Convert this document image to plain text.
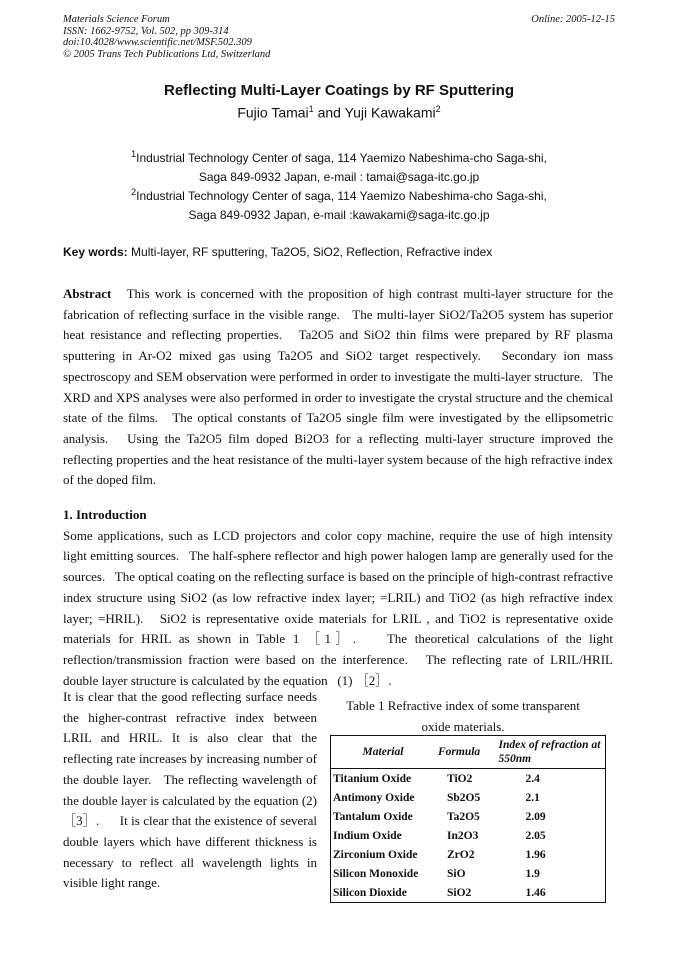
Materials Science Forum
ISSN: 1662-9752, Vol. 502, pp 309-314
doi:10.4028/www.scientific.net/MSF.502.309
© 2005 Trans Tech Publications Ltd, Switzerland
Online: 2005-12-15
Reflecting Multi-Layer Coatings by RF Sputtering
Fujio Tamai$^1$ and Yuji Kawakami$^2$
$^1$Industrial Technology Center of saga, 114 Yaemizo Nabeshima-cho Saga-shi,
Saga 849-0932 Japan, e-mail : tamai@saga-itc.go.jp
$^2$Industrial Technology Center of saga, 114 Yaemizo Nabeshima-cho Saga-shi,
Saga 849-0932 Japan, e-mail :kawakami@saga-itc.go.jp
Key words: Multi-layer, RF sputtering, Ta2O5, SiO2, Reflection, Refractive index

Abstract   This work is concerned with the proposition of high contrast multi-layer structure for the fabrication of reflecting surface in the visible range.   The multi-layer SiO2/Ta2O5 system has superior heat resistance and reflecting properties.   Ta2O5 and SiO2 thin films were prepared by RF plasma sputtering in Ar-O2 mixed gas using Ta2O5 and SiO2 target respectively.   Secondary ion mass spectroscopy and SEM observation were performed in order to investigate the multi-layer structure.   The XRD and XPS analyses were also performed in order to investigate the crystal structure and the chemical state of the films.   The optical constants of Ta2O5 single film were investigated by the ellipsometric analysis.   Using the Ta2O5 film doped Bi2O3 for a reflecting multi-layer structure improved the reflecting properties and the heat resistance of the multi-layer system because of the high refractive index of the doped film.

1. Introduction

Some applications, such as LCD projectors and color copy machine, require the use of high intensity light emitting sources.   The half-sphere reflector and high power halogen lamp are generally used for the sources.   The optical coating on the reflecting surface is based on the principle of high-contrast refractive index structure using SiO2 (as low refractive index layer; =LRIL) and TiO2 (as high refractive index layer; =HRIL).   SiO2 is representative oxide materials for LRIL , and TiO2 is representative oxide materials for HRIL as shown in Table 1 ［1］.    The theoretical calculations of the light reflection/transmission fraction were based on the interference.   The reflecting rate of LRIL/HRIL double layer structure is calculated by the equation   (1) ［2］.

It is clear that the good reflecting surface needs the higher-contrast refractive index between LRIL and HRIL. It is also clear that the reflecting rate increases by increasing number of the double layer.   The reflecting wavelength of the double layer is calculated by the equation (2)［3］.      It is clear that the existence of several double layers which have different thickness is necessary to reflect all wavelength lights in visible light range.
Table 1 Refractive index of some transparent oxide materials.
Material	Formula	Index of refraction at 550nm
Titanium Oxide	TiO2	2.4
Antimony Oxide	Sb2O5	2.1
Tantalum Oxide	Ta2O5	2.09
Indium Oxide	In2O3	2.05
Zirconium Oxide	ZrO2	1.96
Silicon Monoxide	SiO	1.9
Silicon Dioxide	SiO2	1.46
